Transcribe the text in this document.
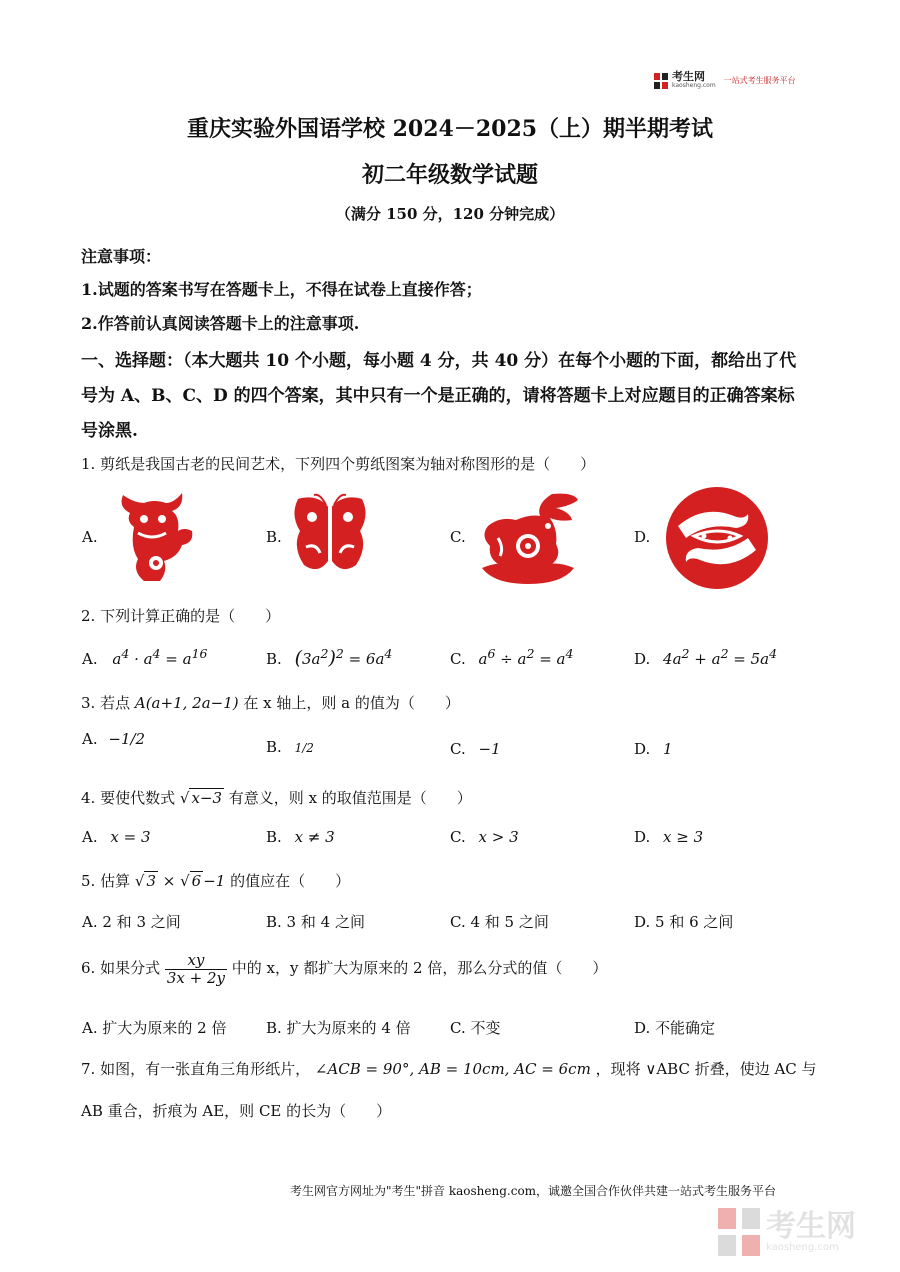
考生网
kaosheng.com
一站式考生服务平台
重庆实验外国语学校 2024－2025（上）期半期考试
初二年级数学试题
（满分 150 分，120 分钟完成）
注意事项：
1.试题的答案书写在答题卡上，不得在试卷上直接作答；
2.作答前认真阅读答题卡上的注意事项.
一、选择题：（本大题共 10 个小题，每小题 4 分，共 40 分）在每个小题的下面，都给出了代
号为 A、B、C、D 的四个答案，其中只有一个是正确的，请将答题卡上对应题目的正确答案标
号涂黑.
1. 剪纸是我国古老的民间艺术，下列四个剪纸图案为轴对称图形的是（　　）
A.	B.	C.	D.
2. 下列计算正确的是（　　）
A. $a^4 \cdot a^4 = a^{16}$	B. $(3a^2)^2 = 6a^4$	C. $a^6 \div a^2 = a^4$	D. $4a^2 + a^2 = 5a^4$
3. 若点 A(a+1, 2a−1) 在 x 轴上，则 a 的值为（　　）
A. −1/2	B. 1/2	C. −1	D. 1
4. 要使代数式 √ x−3 有意义，则 x 的取值范围是（　　）
A. x = 3	B. x ≠ 3	C. x > 3	D. x ≥ 3
5. 估算 √ 3 × √ 6 −1 的值应在（　　）
A. 2 和 3 之间	B. 3 和 4 之间	C. 4 和 5 之间	D. 5 和 6 之间
6. 如果分式 $\frac{xy}{3x + 2y}$ 中的 x，y 都扩大为原来的 2 倍，那么分式的值（　　）
A. 扩大为原来的 2 倍	B. 扩大为原来的 4 倍	C. 不变	D. 不能确定
7. 如图，有一张直角三角形纸片， ∠ACB = 90°, AB = 10cm, AC = 6cm ，现将 ∨ABC 折叠，使边 AC 与
AB 重合，折痕为 AE，则 CE 的长为（　　）
考生网官方网址为"考生"拼音 kaosheng.com，诚邀全国合作伙伴共建一站式考生服务平台
考生网
kaosheng.com
